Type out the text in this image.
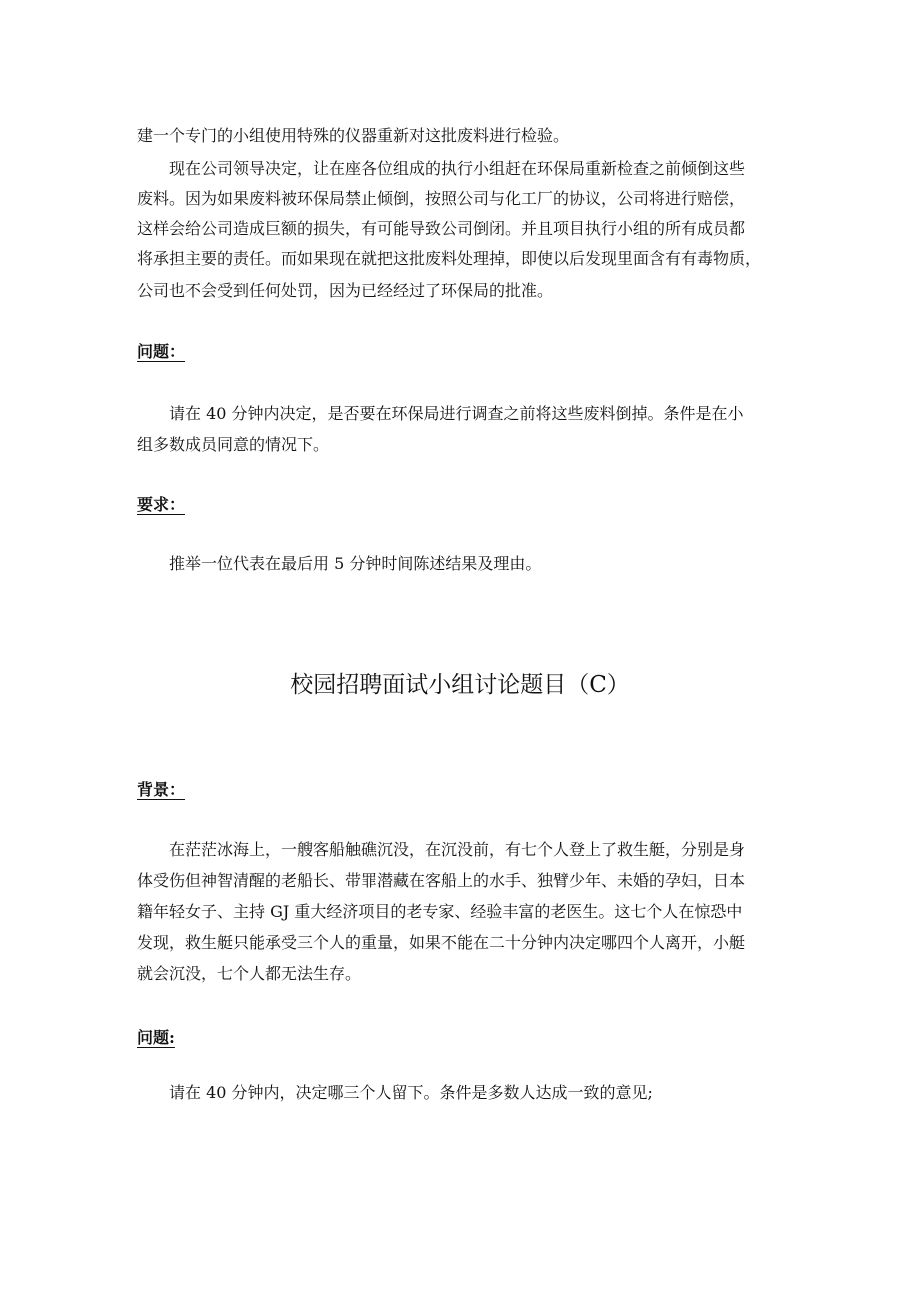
建一个专门的小组使用特殊的仪器重新对这批废料进行检验。

　　现在公司领导决定，让在座各位组成的执行小组赶在环保局重新检查之前倾倒这些

废料。因为如果废料被环保局禁止倾倒，按照公司与化工厂的协议，公司将进行赔偿，

这样会给公司造成巨额的损失，有可能导致公司倒闭。并且项目执行小组的所有成员都

将承担主要的责任。而如果现在就把这批废料处理掉，即使以后发现里面含有有毒物质，

公司也不会受到任何处罚，因为已经经过了环保局的批准。

问题：

　　请在 40 分钟内决定，是否要在环保局进行调查之前将这些废料倒掉。条件是在小

组多数成员同意的情况下。

要求：

　　推举一位代表在最后用 5 分钟时间陈述结果及理由。

校园招聘面试小组讨论题目（C）

背景：

　　在茫茫冰海上，一艘客船触礁沉没，在沉没前，有七个人登上了救生艇，分别是身

体受伤但神智清醒的老船长、带罪潜藏在客船上的水手、独臂少年、未婚的孕妇，日本

籍年轻女子、主持 GJ 重大经济项目的老专家、经验丰富的老医生。这七个人在惊恐中

发现，救生艇只能承受三个人的重量，如果不能在二十分钟内决定哪四个人离开，小艇

就会沉没，七个人都无法生存。

问题:

　　请在 40 分钟内，决定哪三个人留下。条件是多数人达成一致的意见;
